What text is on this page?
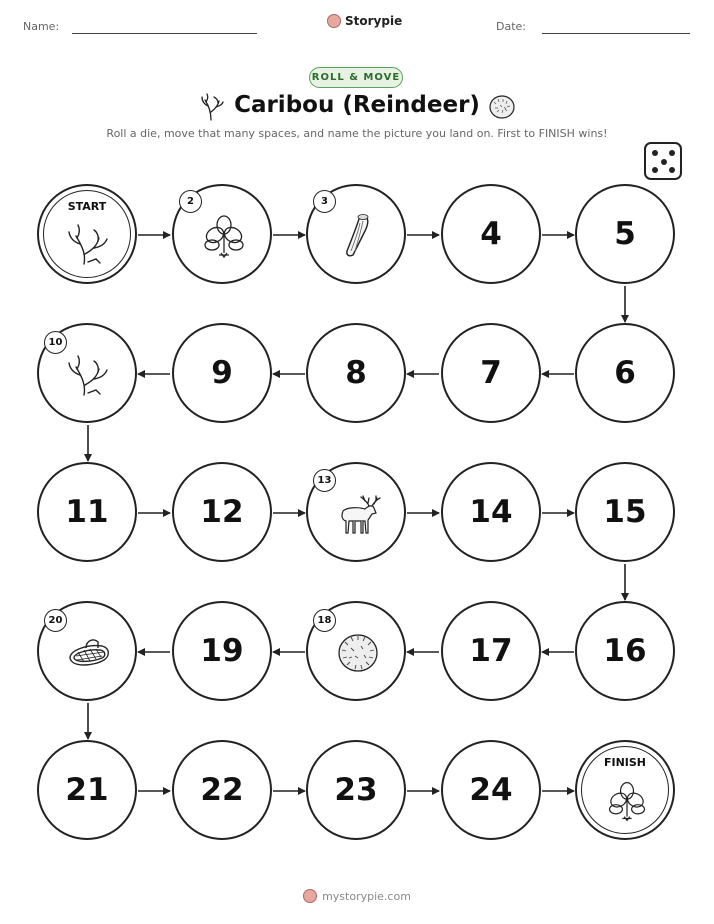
Name:	Storypie	Date:
ROLL & MOVE
Caribou (Reindeer)
Roll a die, move that many spaces, and name the picture you land on. First to FINISH wins!
START
4	5
2	3
9	8	7	6
10
11	12	14	15
13
19	17	16
20	18
21	22	23	24
FINISH
mystorypie.com
